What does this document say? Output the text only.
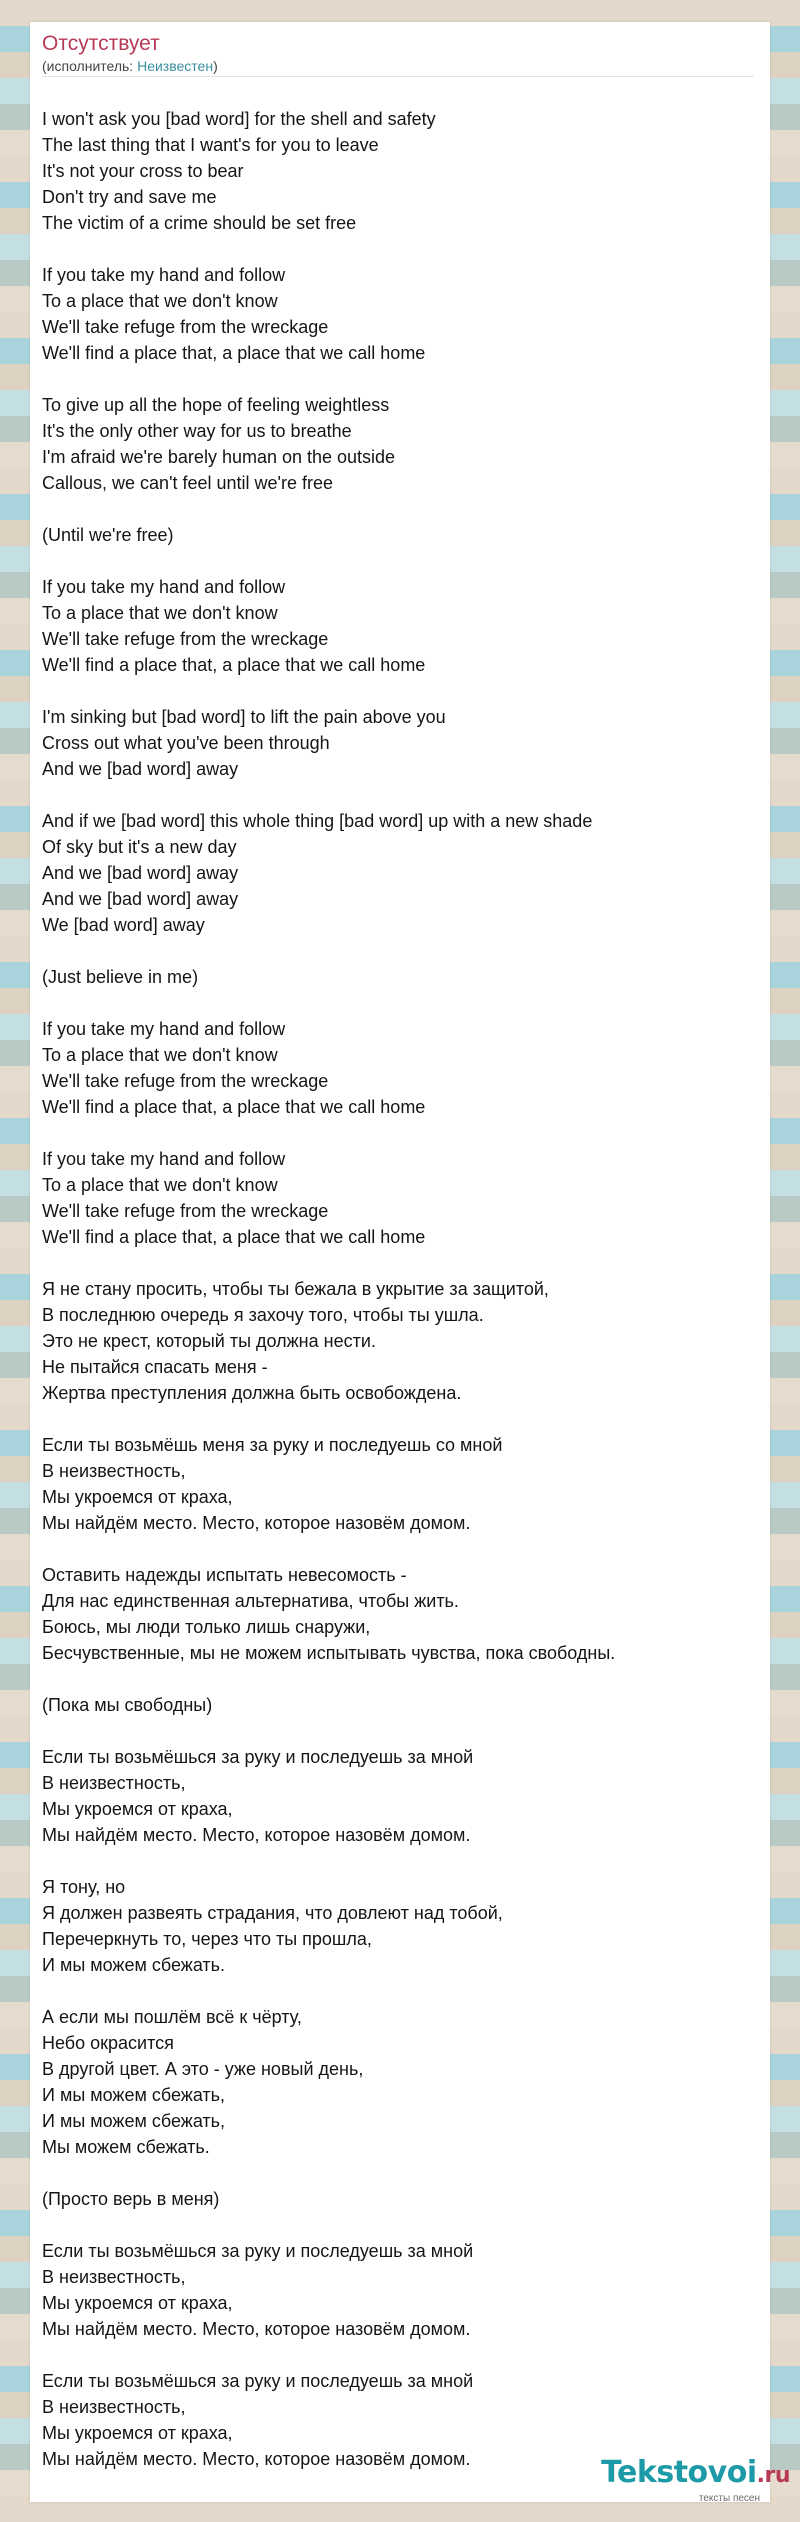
Отсутствует
(исполнитель: Неизвестен)
I won't ask you [bad word] for the shell and safety
The last thing that I want's for you to leave
It's not your cross to bear
Don't try and save me
The victim of a crime should be set free
If you take my hand and follow
To a place that we don't know
We'll take refuge from the wreckage
We'll find a place that, a place that we call home
To give up all the hope of feeling weightless
It's the only other way for us to breathe
I'm afraid we're barely human on the outside
Callous, we can't feel until we're free
(Until we're free)
If you take my hand and follow
To a place that we don't know
We'll take refuge from the wreckage
We'll find a place that, a place that we call home
I'm sinking but [bad word] to lift the pain above you
Cross out what you've been through
And we [bad word] away
And if we [bad word] this whole thing [bad word] up with a new shade
Of sky but it's a new day
And we [bad word] away
And we [bad word] away
We [bad word] away
(Just believe in me)
If you take my hand and follow
To a place that we don't know
We'll take refuge from the wreckage
We'll find a place that, a place that we call home
If you take my hand and follow
To a place that we don't know
We'll take refuge from the wreckage
We'll find a place that, a place that we call home
Я не стану просить, чтобы ты бежала в укрытие за защитой,
В последнюю очередь я захочу того, чтобы ты ушла.
Это не крест, который ты должна нести.
Не пытайся спасать меня -
Жертва преступления должна быть освобождена.
Если ты возьмёшь меня за руку и последуешь со мной
В неизвестность,
Мы укроемся от краха,
Мы найдём место. Место, которое назовём домом.
Оставить надежды испытать невесомость -
Для нас единственная альтернатива, чтобы жить.
Боюсь, мы люди только лишь снаружи,
Бесчувственные, мы не можем испытывать чувства, пока свободны.
(Пока мы свободны)
Если ты возьмёшься за руку и последуешь за мной
В неизвестность,
Мы укроемся от краха,
Мы найдём место. Место, которое назовём домом.
Я тону, но
Я должен развеять страдания, что довлеют над тобой,
Перечеркнуть то, через что ты прошла,
И мы можем сбежать.
А если мы пошлём всё к чёрту,
Небо окрасится
В другой цвет. А это - уже новый день,
И мы можем сбежать,
И мы можем сбежать,
Мы можем сбежать.
(Просто верь в меня)
Если ты возьмёшься за руку и последуешь за мной
В неизвестность,
Мы укроемся от краха,
Мы найдём место. Место, которое назовём домом.
Если ты возьмёшься за руку и последуешь за мной
В неизвестность,
Мы укроемся от краха,
Мы найдём место. Место, которое назовём домом.	Tekstovoi.ru
тексты песен
